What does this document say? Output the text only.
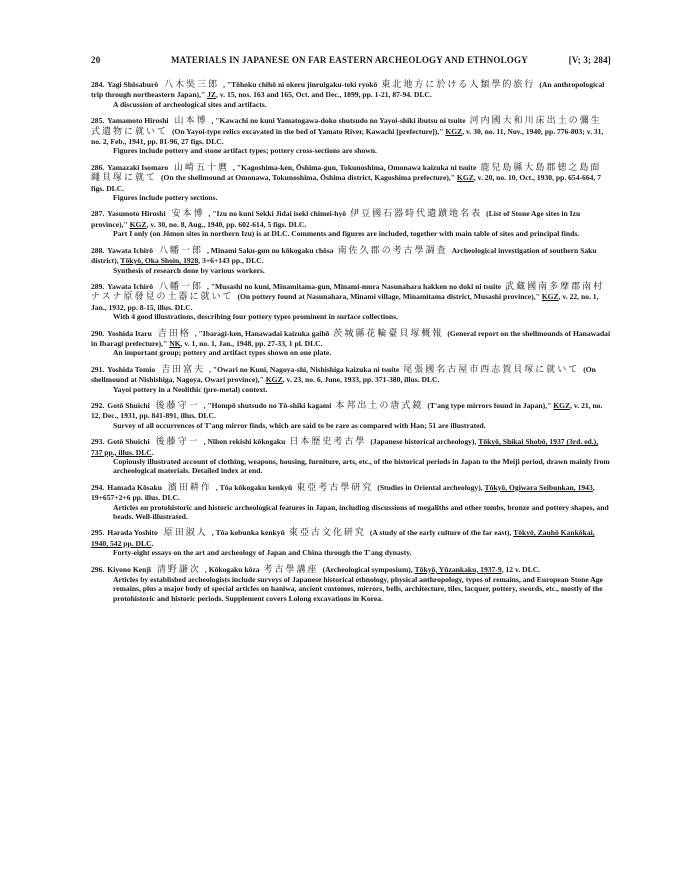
20	MATERIALS IN JAPANESE ON FAR EASTERN ARCHEOLOGY AND ETHNOLOGY	[V; 3; 284]
284. Yagi Shōsaburō 八木奘三郎 , "Tōhoku chihō ni okeru jinruigaku-teki ryokō 東北地方に於ける人類學的旅行 (An anthropological trip through northeastern Japan)," JZ, v. 15, nos. 163 and 165, Oct. and Dec., 1899, pp. 1-21, 87-94. DLC.
A discussion of archeological sites and artifacts.
285. Yamamoto Hiroshi 山本博 , "Kawachi no kuni Yamatogawa-doko shutsudo no Yayoi-shiki ibutsu ni tsuite 河内國大和川床出土の彌生式遺物に就いて (On Yayoi-type relics excavated in the bed of Yamato River, Kawachi [prefecture])," KGZ, v. 30, no. 11, Nov., 1940, pp. 776-803; v. 31, no. 2, Feb., 1941, pp. 81-96, 27 figs. DLC.
Figures include pottery and stone artifact types; pottery cross-sections are shown.
286. Yamazaki Isomaro 山崎五十麿 , "Kagoshima-ken, Ōshima-gun, Tokunoshima, Omonawa kaizuka ni tsuite 鹿兒島縣大島郡徳之島面繩貝塚に就て (On the shellmound at Omonawa, Tokunoshima, Ōshima district, Kagoshima prefecture)," KGZ, v. 20, no. 10, Oct., 1930, pp. 654-664, 7 figs. DLC.
Figures include pottery sections.
287. Yasumoto Hiroshi 安本博 , "Izu no kuni Sekki Jidai iseki chimei-hyō 伊豆國石器時代遺蹟地名表 (List of Stone Age sites in Izu province)," KGZ, v. 30, no. 8, Aug., 1940, pp. 602-614, 5 figs. DLC.
Part I only (on Jōmon sites in northern Izu) is at DLC. Comments and figures are included, together with main table of sites and principal finds.
288. Yawata Ichirō 八幡一郎 , Minami Saku-gun no kōkogaku chōsa 南佐久郡の考古學調査 Archeological investigation of southern Saku district), Tōkyō, Oka Shoin, 1928, 3+6+143 pp., DLC.
Synthesis of research done by various workers.
289. Yawata Ichirō 八幡一郎 , "Musashi no kuni, Minamitama-gun, Minami-mura Nasunahara hakken no doki ni tsuite 武藏國南多摩郡南村ナスナ原發見の土器に就いて (On pottery found at Nasunahara, Minami village, Minamitama district, Musashi province)," KGZ, v. 22, no. 1, Jan., 1932, pp. 8-15, illus. DLC.
With 4 good illustrations, describing four pottery types prominent in surface collections.
290. Yoshida Itaru 吉田格 , "Ibaragi-ken, Hanawadai kaizuka gaihō 茨城縣花輪臺貝塚概報 (General report on the shellmounds of Hanawadai in Ibaragi prefecture)," NK, v. 1, no. 1, Jan., 1948, pp. 27-33, 1 pl. DLC.
An important group; pottery and artifact types shown on one plate.
291. Yoshida Tomio 吉田富夫 , "Owari no Kuni, Nagoya-shi, Nishishiga kaizuka ni tsuite 尾張國名古屋市西志賀貝塚に就いて (On shellmound at Nishishiga, Nagoya, Owari province)," KGZ, v. 23, no. 6, June, 1933, pp. 371-380, illus. DLC.
Yayoi pottery in a Neolithic (pre-metal) context.
292. Gotō Shuichi 後藤守一 , "Hompō shutsudo no Tō-shiki kagami 本邦出土の唐式鏡 (T'ang type mirrors found in Japan)," KGZ, v. 21, no. 12, Dec., 1931, pp. 841-891, illus. DLC.
Survey of all occurrences of T'ang mirror finds, which are said to be rare as compared with Han; 51 are illustrated.
293. Gotō Shuichi 後藤守一 , Nihon rekishi kōkogaku 日本歷史考古學 (Japanese historical archeology), Tōkyō, Shikai Shobō, 1937 (3rd. ed.), 737 pp., illus. DLC.
Copiously illustrated account of clothing, weapons, housing, furniture, arts, etc., of the historical periods in Japan to the Meiji period, drawn mainly from archeological materials. Detailed index at end.
294. Hamada Kōsaku 濱田耕作 , Tōa kōkogaku kenkyū 東亞考古學研究 (Studies in Oriental archeology), Tōkyō, Ogiwara Seibunkan, 1943, 19+657+2+6 pp. illus. DLC.
Articles on protohistoric and historic archeological features in Japan, including discussions of megaliths and other tombs, bronze and pottery shapes, and beads. Well-illustrated.
295. Harada Yoshito 原田淑人 , Tōa kobunka kenkyū 東亞古文化研究 (A study of the early culture of the far east), Tōkyō, Zauhō Kankōkai, 1940, 542 pp. DLC.
Forty-eight essays on the art and archeology of Japan and China through the T'ang dynasty.
296. Kiyono Kenji 清野謙次 , Kōkogaku kōza 考古學講座 (Archeological symposium), Tōkyō, Yūzankaku, 1937-9, 12 v. DLC.
Articles by established archeologists include surveys of Japanese historical ethnology, physical anthropology, types of remains, and European Stone Age remains, plus a major body of special articles on haniwa, ancient customes, mirrors, bells, architecture, tiles, lacquer, pottery, swords, etc., mostly of the protohistoric and historic periods. Supplement covers Lolong excavations in Korea.
